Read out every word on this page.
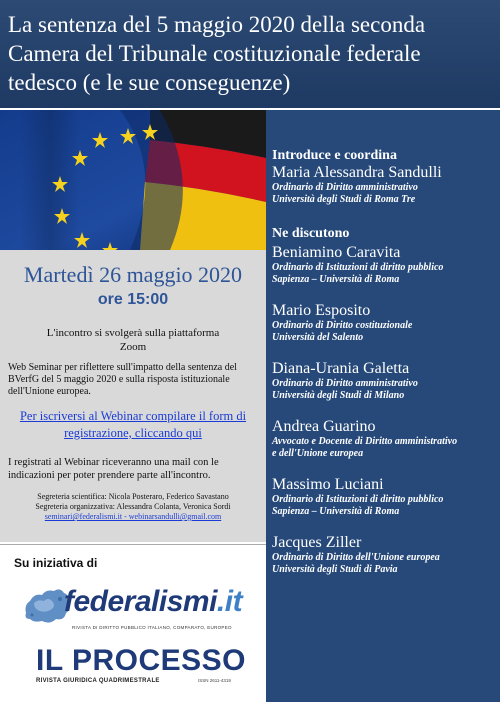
La sentenza del 5 maggio 2020 della seconda
Camera del Tribunale costituzionale federale
tedesco (e le sue conseguenze)
Martedì 26 maggio 2020
ore 15:00
L'incontro si svolgerà sulla piattaforma
Zoom
Web Seminar per riflettere sull'impatto della sentenza del BVerfG del 5 maggio 2020 e sulla risposta istituzionale dell'Unione europea.
Per iscriversi al Webinar compilare il form di registrazione, cliccando qui
I registrati al Webinar riceveranno una mail con le indicazioni per poter prendere parte all'incontro.
Segreteria scientifica: Nicola Posteraro, Federico Savastano
Segreteria organizzativa: Alessandra Colanta, Veronica Sordi
seminari@federalismi.it - webinarsandulli@gmail.com
Su iniziativa di
federalismi.it
RIVISTA DI DIRITTO PUBBLICO ITALIANO, COMPARATO, EUROPEO
IL PROCESSO
RIVISTA GIURIDICA QUADRIMESTRALE	ISSN 2611-4319
Introduce e coordina
Maria Alessandra Sandulli
Ordinario di Diritto amministrativo
Università degli Studi di Roma Tre
Ne discutono
Beniamino Caravita
Ordinario di Istituzioni di diritto pubblico
Sapienza – Università di Roma
Mario Esposito
Ordinario di Diritto costituzionale
Università del Salento
Diana-Urania Galetta
Ordinario di Diritto amministrativo
Università degli Studi di Milano
Andrea Guarino
Avvocato e Docente di Diritto amministrativo
e dell'Unione europea
Massimo Luciani
Ordinario di Istituzioni di diritto pubblico
Sapienza – Università di Roma
Jacques Ziller
Ordinario di Diritto dell'Unione europea
Università degli Studi di Pavia
